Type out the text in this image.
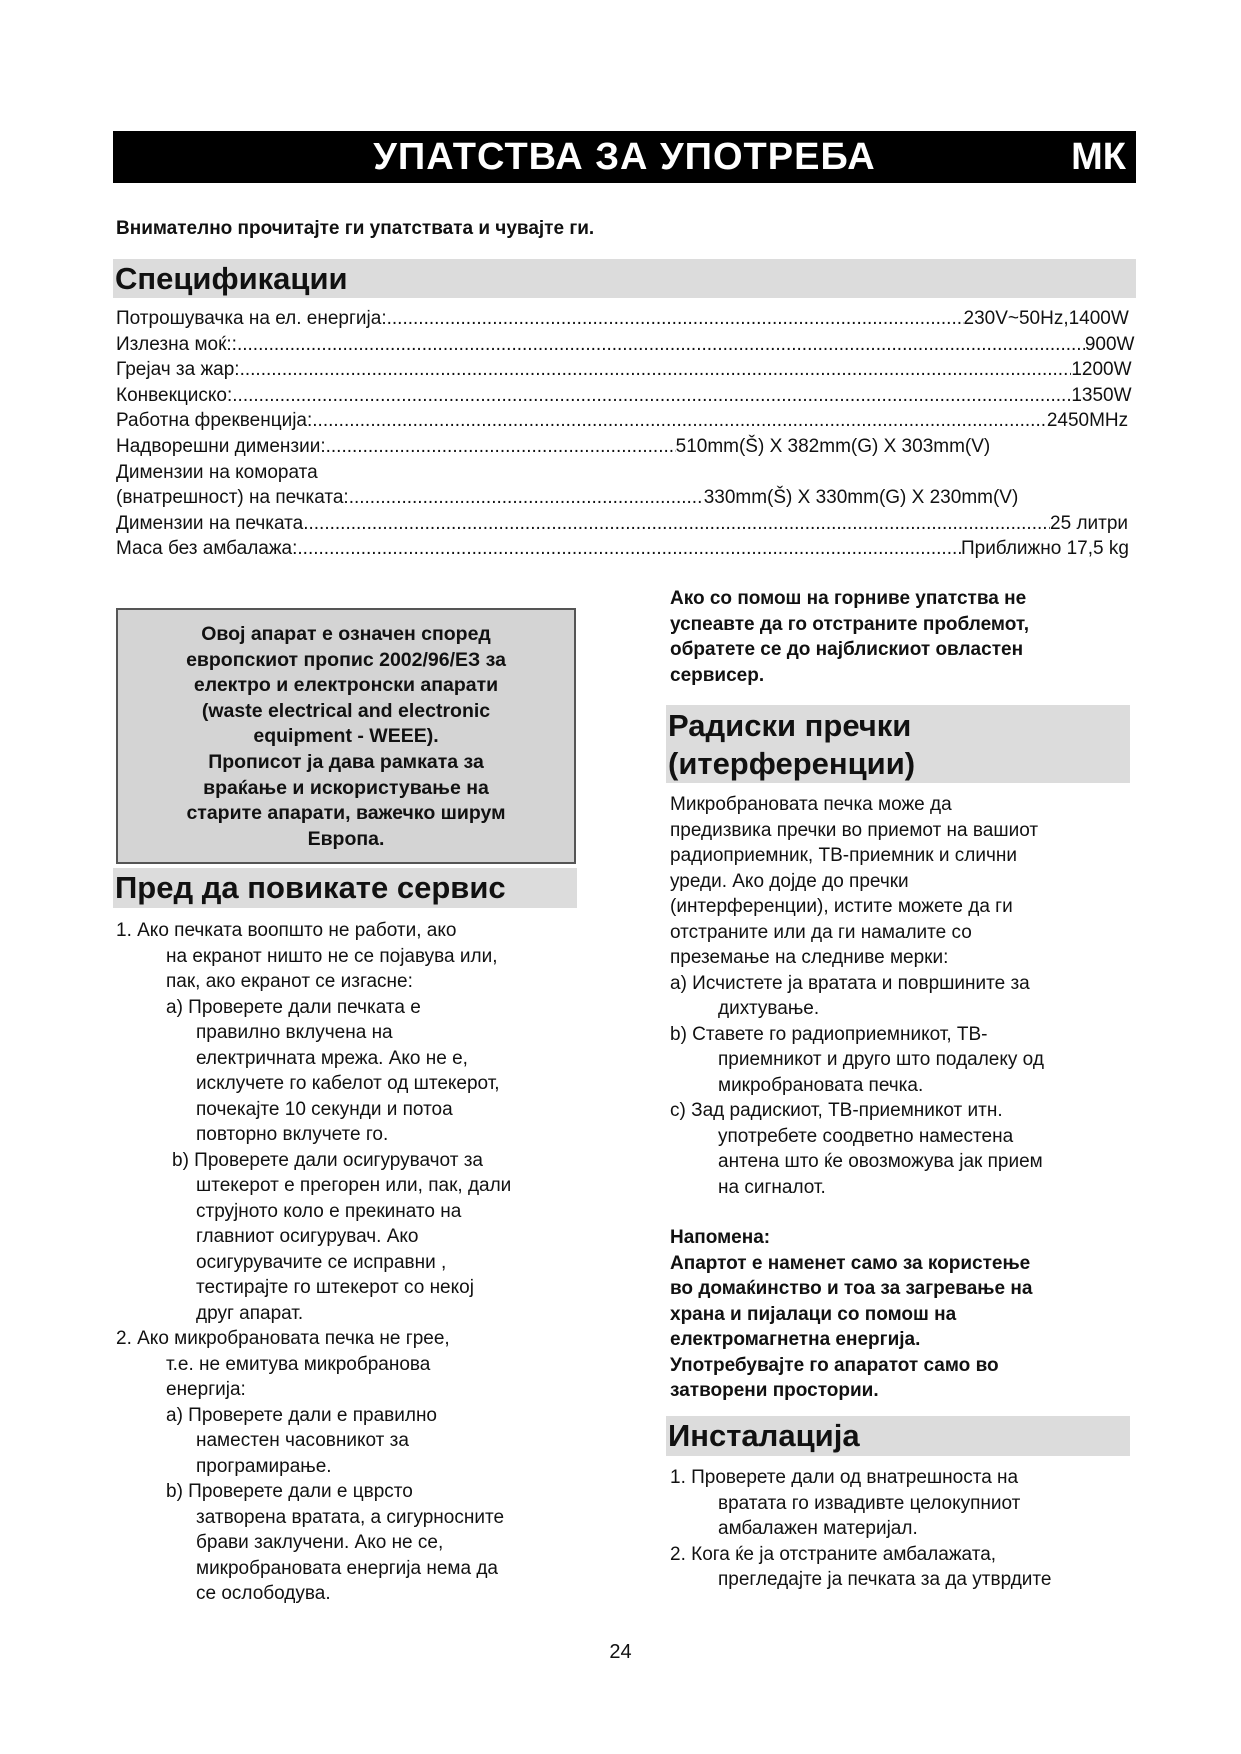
УПАТСТВА ЗА УПОТРЕБА	МК
Внимателно прочитајте ги упатствата и чувајте ги.
Спецификации
Потрошувачка на ел. енергија: .....	230V~50Hz,1400W
Излезна моќ:: .....	900W
Грејач за жар: .....	1200W
Конвекциско: .....	1350W
Работна фреквенција: .....	2450MHz
Надворешни димензии: .....	510mm(Š) X 382mm(G) X 303mm(V)
Димензии на комората
(внатрешност) на печката: .....	330mm(Š) X 330mm(G) X 230mm(V)
Димензии на печката .....	25 литри
Маса без амбалажа: .....	Приближно 17,5 kg
Овој апарат е означен според
европскиот пропис 2002/96/ЕЗ за
електро и електронски апарати
(waste electrical and electronic
equipment - WEEE).
Прописот ја дава рамката за
враќање и искористување на
старите апарати, важечко ширум
Европа.
Пред да повикате сервис

1. Ако печката воопшто не работи, ако

на екранот ништо не се појавува или,

пак, ако екранот се изгасне:

a) Проверете дали печката е

правилно вклучена на

електричната мрежа. Ако не е,

исклучете го кабелот од штекерот,

почекајте 10 секунди и потоа

повторно вклучете го.

b) Проверете дали осигурувачот за

штекерот е прегорен или, пак, дали

струјното коло е прекинато на

главниот осигурувач. Ако

осигурувачите се исправни ,

тестирајте го штекерот со некој

друг апарат.

2. Ако микробрановата печка не грее,

т.е. не емитува микробранова

енергија:

a) Проверете дали е правилно

наместен часовникот за

програмирање.

b) Проверете дали е цврсто

затворена вратата, а сигурносните

брави заклучени. Ако не се,

микробрановата енергија нема да

се ослободува.

Ако со помош на горниве упатства не

успеавте да го отстраните проблемот,

обратете се до најблискиот овластен

сервисер.

Радиски пречки
(итерференции)

Микробрановата печка може да

предизвика пречки во приемот на вашиот

радиоприемник, ТВ-приемник и слични

уреди. Ако дојде до пречки

(интерференции), иститe можете да ги

отстраните или да ги намалите со

преземање на следниве мерки:

a) Исчистете ја вратата и површините за

дихтување.

b) Ставете го радиоприемникот, ТВ-

приемникот и друго што подалеку од

микробрановата печка.

c) Зад радискиот, ТВ-приемникот итн.

употребете соодветно наместена

антена што ќе овозможува јак прием

на сигналот.

Напомена:

Апартот е наменет само за користење

во домаќинство и тоа за загревање на

храна и пијалаци со помош на

електромагнетна енергија.

Употребувајте го апаратот само во

затворени простории.

Инсталација

1. Проверете дали од внатрешноста на

вратата го извадивте целокупниот

амбалажен материјал.

2. Кога ќе ја отстраните амбалажата,

прегледајте ја печката за да утврдите

24
